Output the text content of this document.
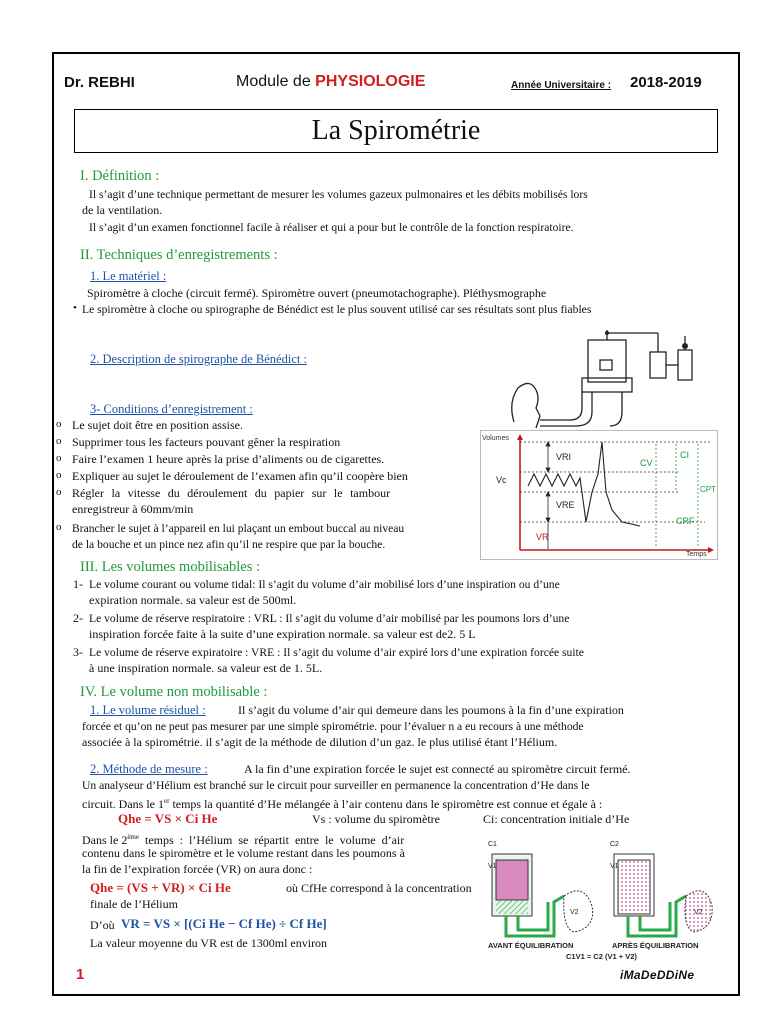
Dr. REBHI	Module de PHYSIOLOGIE	Année Universitaire : 2018-2019
La Spirométrie
I. Définition :
Il s’agit d’une technique permettant de mesurer les volumes gazeux pulmonaires et les débits mobilisés lors
de la ventilation.
Il s’agit d’un examen fonctionnel facile à réaliser et qui a pour but le contrôle de la fonction respiratoire.
II. Techniques d’enregistrements :
1. Le matériel :
Spiromètre à cloche (circuit fermé). Spiromètre ouvert (pneumotachographe). Pléthysmographe
• Le spiromètre à cloche ou spirographe de Bénédict est le plus souvent utilisé car ses résultats sont plus fiables
2. Description de spirographe de Bénédict :
3- Conditions d’enregistrement :
o Le sujet doit être en position assise.
o Supprimer tous les facteurs pouvant gêner la respiration
o Faire l’examen 1 heure après la prise d’aliments ou de cigarettes.
o Expliquer au sujet le déroulement de l’examen afin qu’il coopère bien
o Régler la vitesse du déroulement du papier sur le tambour
enregistreur à 60mm/min
o Brancher le sujet à l’appareil en lui plaçant un embout buccal au niveau
de la bouche et un pince nez afin qu’il ne respire que par la bouche.
Volumes
Temps
VRI
VRE
VR
CV
CI
CPT
CRF
Vc
III. Les volumes mobilisables :
1- Le volume courant ou volume tidal: Il s’agit du volume d’air mobilisé lors d’une inspiration ou d’une
expiration normale. sa valeur est de 500ml.
2- Le volume de réserve respiratoire : VRL : Il s’agit du volume d’air mobilisé par les poumons lors d’une
inspiration forcée faite à la suite d’une expiration normale. sa valeur est de2. 5 L
3- Le volume de réserve expiratoire : VRE : Il s’agit du volume d’air expiré lors d’une expiration forcée suite
à une inspiration normale. sa valeur est de 1. 5L.
IV. Le volume non mobilisable :
1. Le volume résiduel :	Il s’agit du volume d’air qui demeure dans les poumons à la fin d’une expiration
forcée et qu’on ne peut pas mesurer par une simple spirométrie. pour l’évaluer n a eu recours à une méthode
associée à la spirométrie. il s’agit de la méthode de dilution d’un gaz. le plus utilisé étant l’Hélium.
2. Méthode de mesure :	A la fin d’une expiration forcée le sujet est connecté au spiromètre circuit fermé.
Un analyseur d’Hélium est branché sur le circuit pour surveiller en permanence la concentration d’He dans le
circuit. Dans le 1er temps la quantité d’He mélangée à l’air contenu dans le spiromètre est connue et égale à :
Qhe = VS × Ci He	Vs : volume du spiromètre	Ci: concentration initiale d’He
Dans le 2ème temps : l’Hélium se répartit entre le volume d’air
contenu dans le spiromètre et le volume restant dans les poumons à
la fin de l’expiration forcée (VR) on aura donc :
Qhe = (VS + VR) × Ci He	où CfHe correspond à la concentration
finale de l’Hélium
D’où VR = VS × [(Ci He − Cf He) ÷ Cf He]
La valeur moyenne du VR est de 1300ml environ
C1
V1
V2
C2
V1
V2
AVANT ÉQUILIBRATION	APRÈS ÉQUILIBRATION
C1V1 = C2 (V1 + V2)
1	iMaDeDDiNe
